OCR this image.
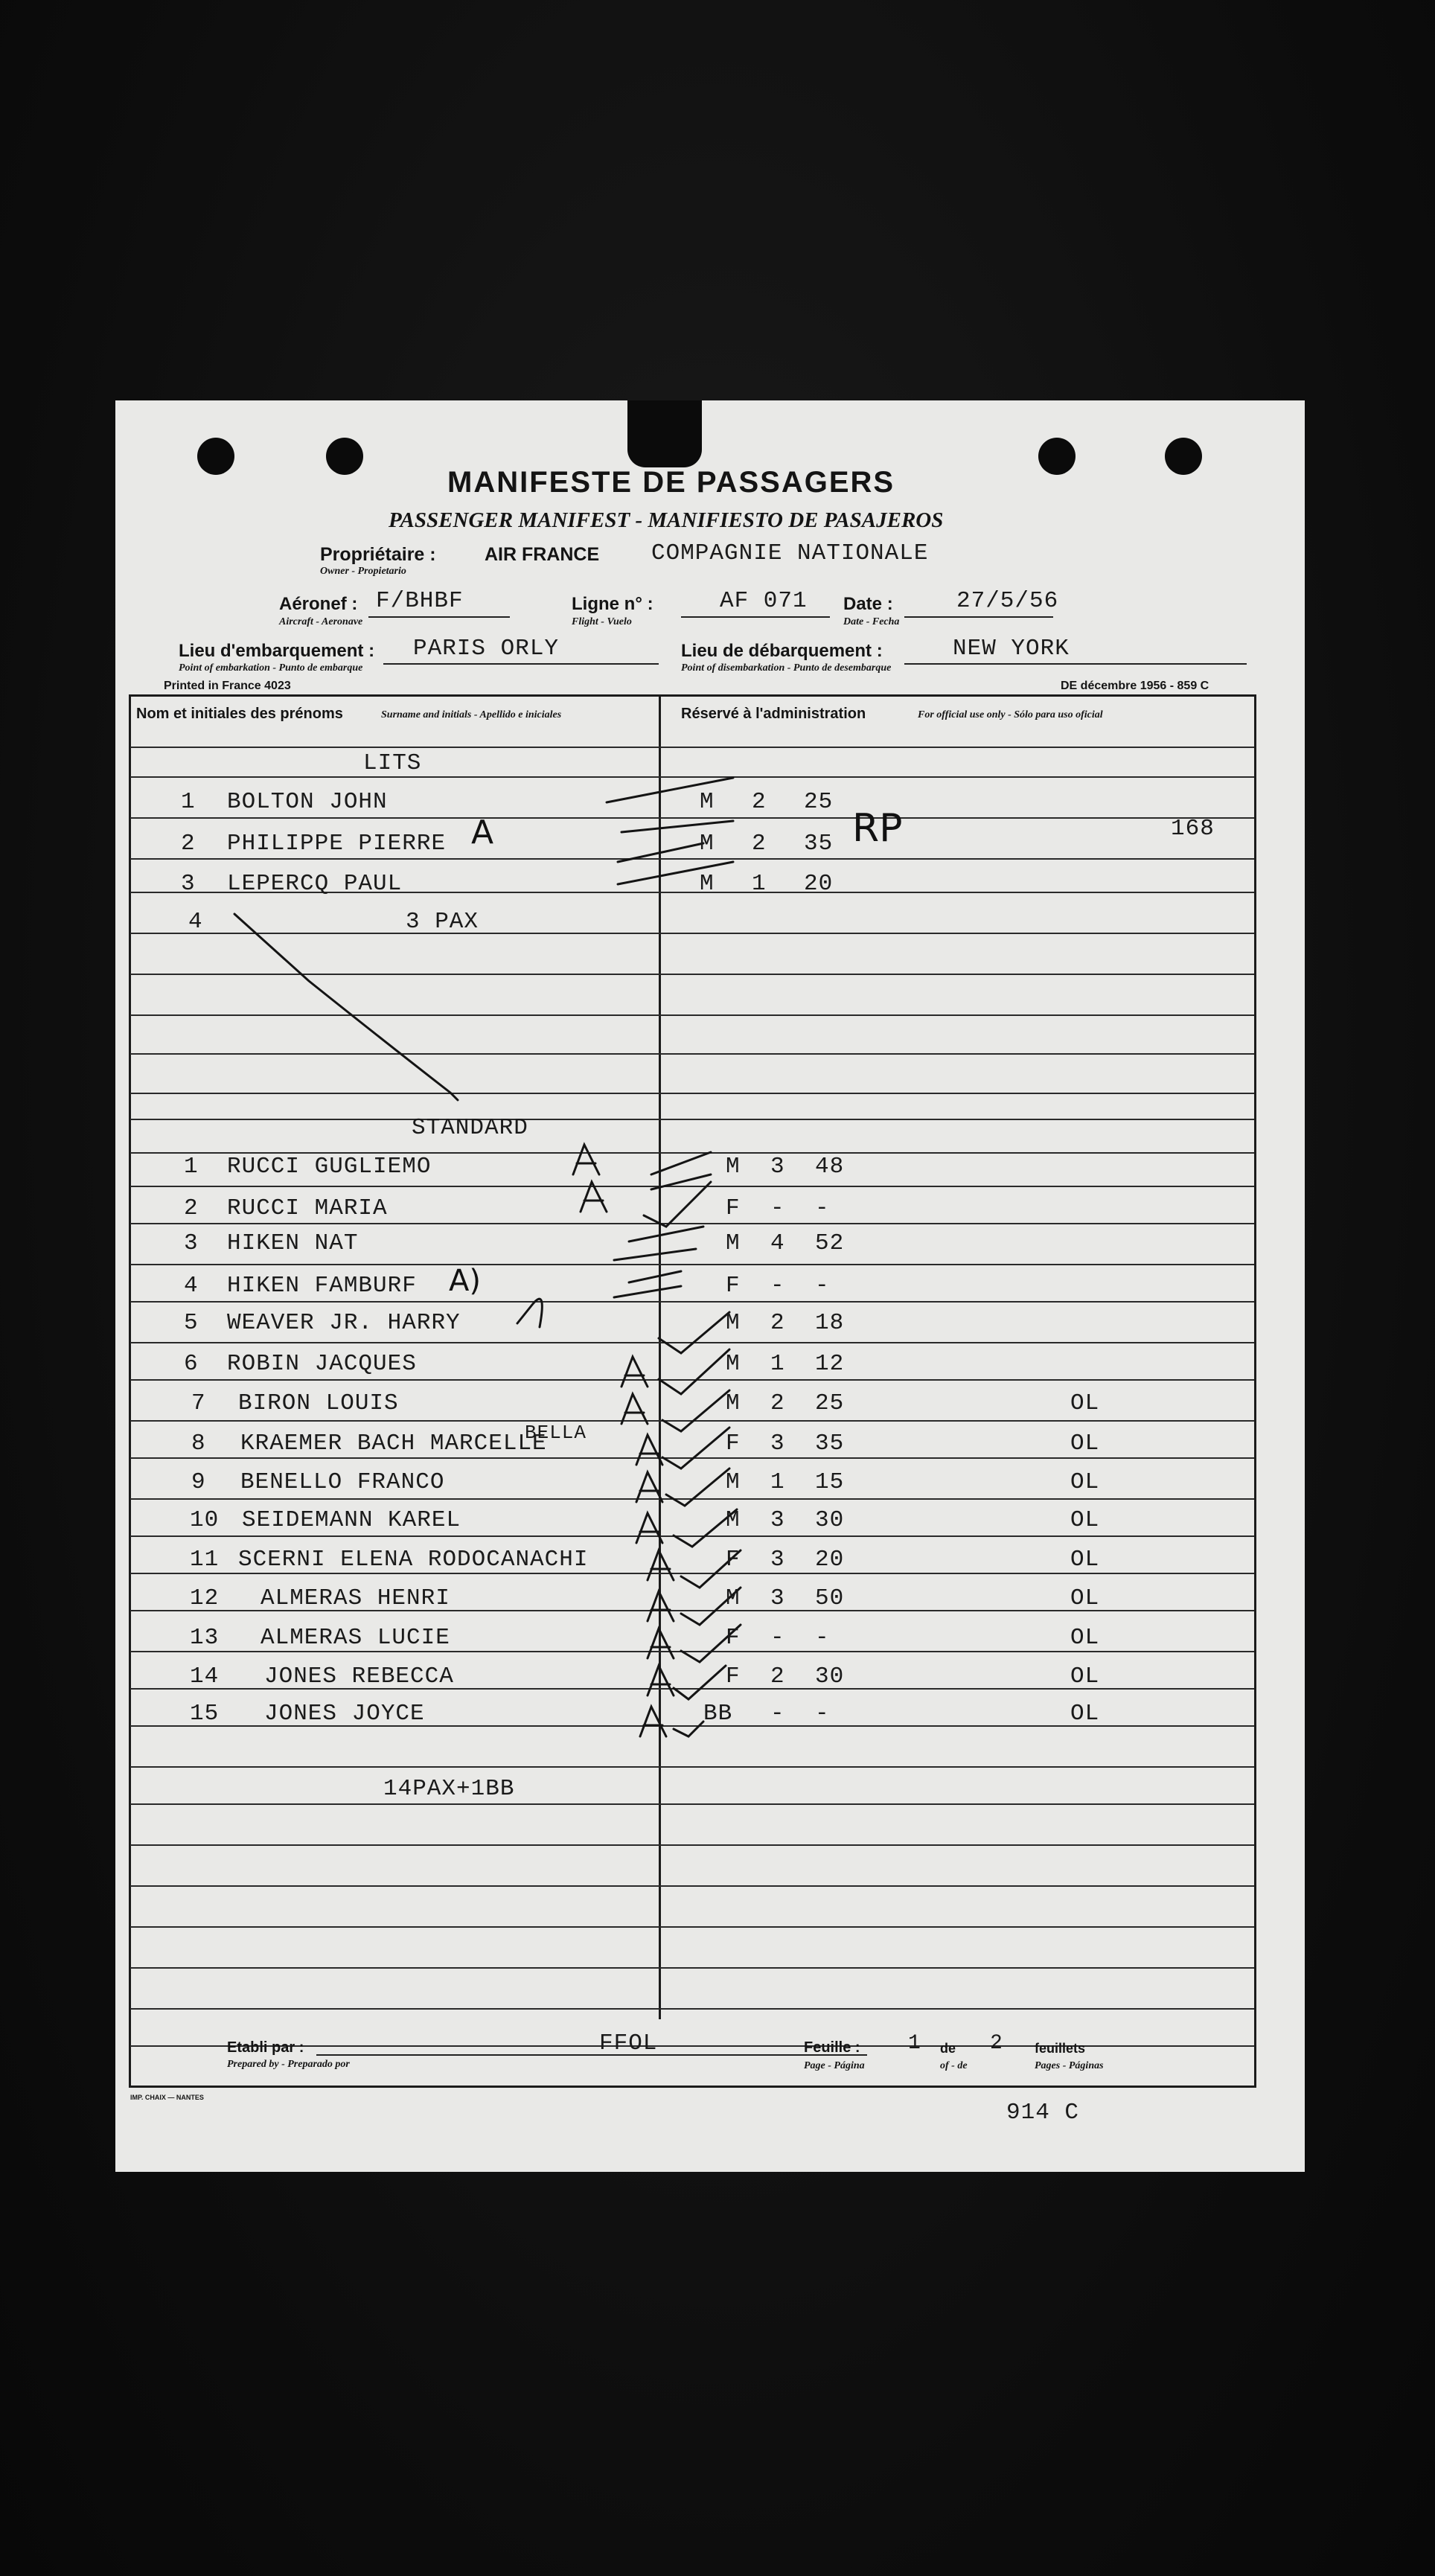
MANIFESTE DE PASSAGERS
PASSENGER MANIFEST - MANIFIESTO DE PASAJEROS
Propriétaire :	AIR FRANCE COMPAGNIE NATIONALE
Owner - Propietario
Aéronef : F/BHBF
Aircraft - Aeronave
Ligne n° :	AF 071
Flight - Vuelo
Date :	27/5/56
Date - Fecha
Lieu d'embarquement : PARIS ORLY
Point of embarkation - Punto de embarque
Lieu de débarquement :	NEW YORK
Point of disembarkation - Punto de desembarque
Printed in France 4023	DE décembre 1956 - 859 C
Nom et initiales des prénoms	Surname and initials - Apellido e iniciales	Réservé à l'administration	For official use only - Sólo para uso oficial
LITS
STANDARD
14PAX+1BB
RP	168
BELLA
A
A)
Etabli par :
Prepared by - Preparado por
FFOL	Feuille : 1 de 2 feuillets
Page - Página	of - de	Pages - Páginas
IMP. CHAIX — NANTES
914 C
1 BOLTON JOHN	M 2 25
2 PHILIPPE PIERRE	M 2 35
3 LEPERCQ PAUL	M 1 20
4	3 PAX
1 RUCCI GUGLIEMO	M 3 48
2 RUCCI MARIA	F - -
3 HIKEN NAT	M 4 52
4 HIKEN FAMBURF	F - -
5 WEAVER JR. HARRY	M 2 18
6 ROBIN JACQUES	M 1 12
7 BIRON LOUIS	M 2 25	OL
8 KRAEMER BACH MARCELLE	F 3 35	OL
9 BENELLO FRANCO	M 1 15	OL
10 SEIDEMANN KAREL	M 3 30	OL
11 SCERNI ELENA RODOCANACHI	F 3 20	OL
12 ALMERAS HENRI	M 3 50	OL
13 ALMERAS LUCIE	F - -	OL
14 JONES REBECCA	F 2 30	OL
15 JONES JOYCE	BB - -	OL
